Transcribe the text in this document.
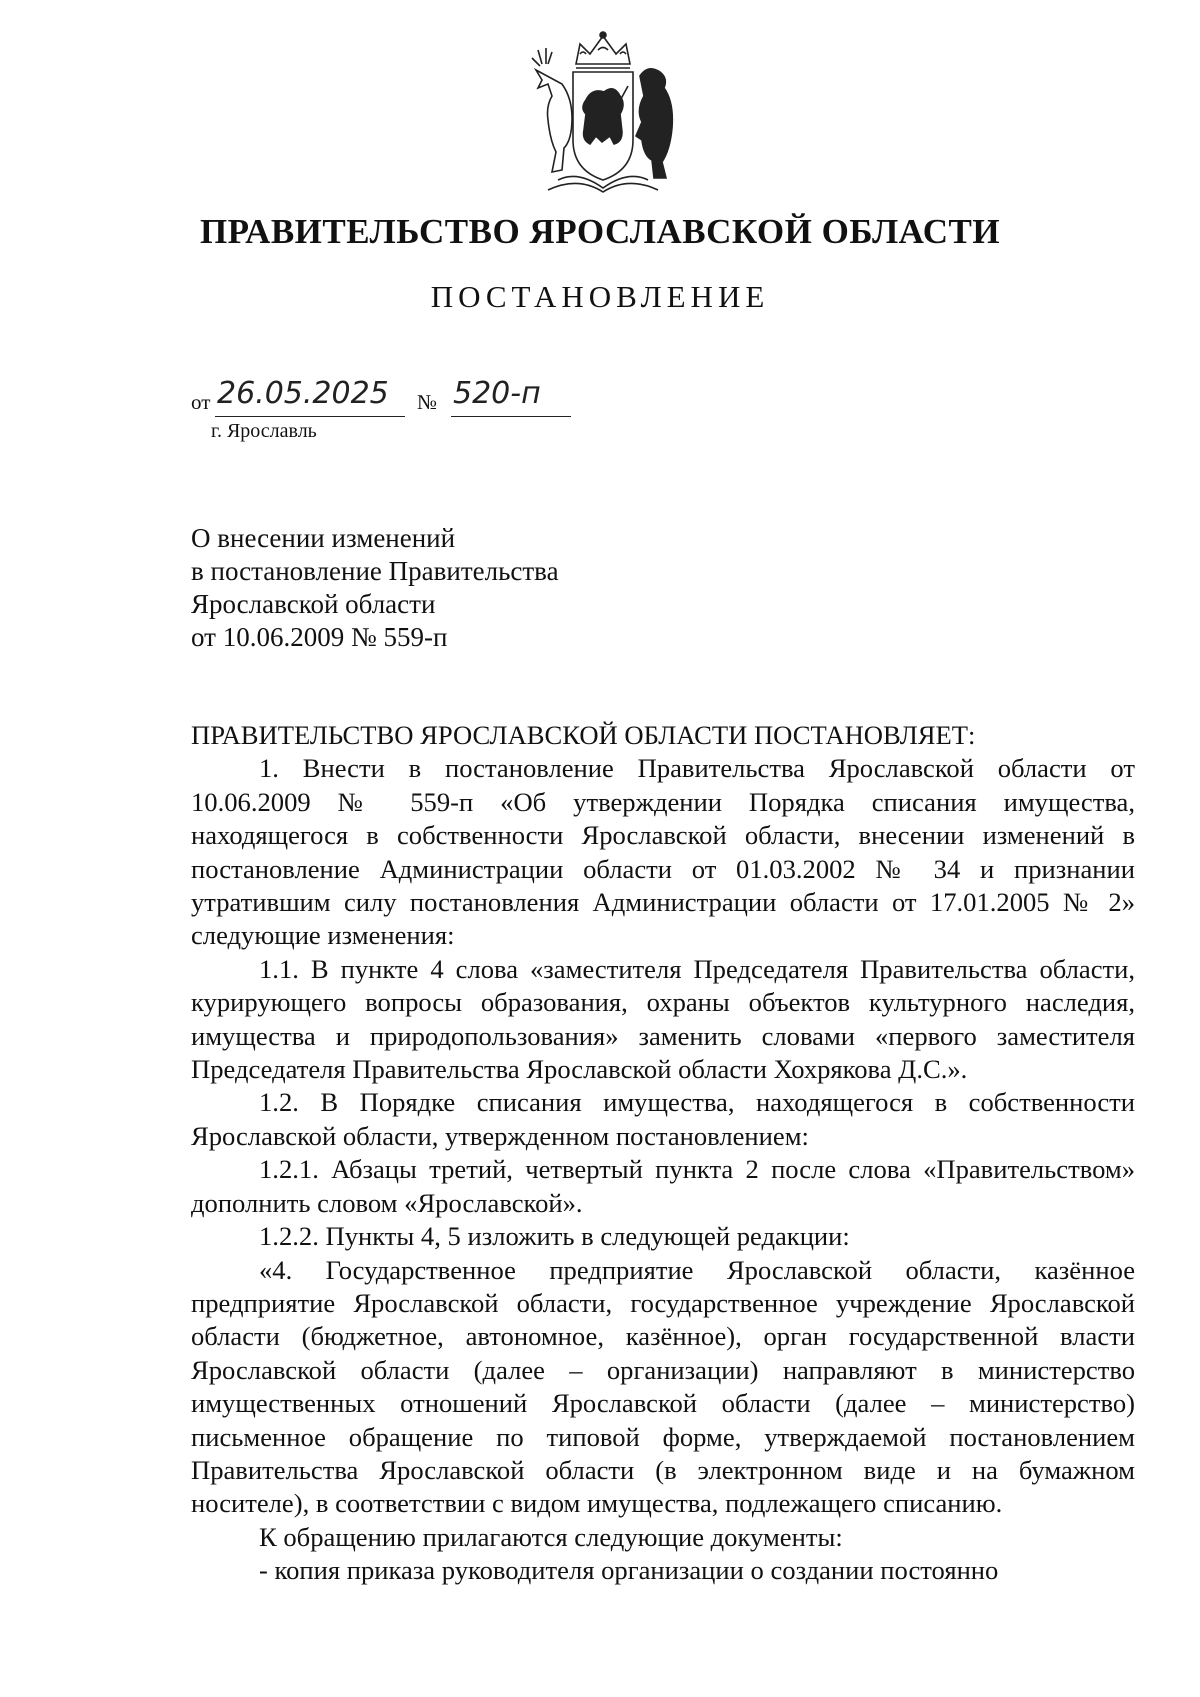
ПРАВИТЕЛЬСТВО ЯРОСЛАВСКОЙ ОБЛАСТИ
ПОСТАНОВЛЕНИЕ
от 26.05.2025 № 520-п
г. Ярославль
О внесении изменений
в постановление Правительства
Ярославской области
от 10.06.2009 № 559-п

ПРАВИТЕЛЬСТВО ЯРОСЛАВСКОЙ ОБЛАСТИ ПОСТАНОВЛЯЕТ:

1. Внести в постановление Правительства Ярославской области от 10.06.2009 № 559-п «Об утверждении Порядка списания имущества, находящегося в собственности Ярославской области, внесении изменений в постановление Администрации области от 01.03.2002 № 34 и признании утратившим силу постановления Администрации области от 17.01.2005 № 2» следующие изменения:

1.1. В пункте 4 слова «заместителя Председателя Правительства области, курирующего вопросы образования, охраны объектов культурного наследия, имущества и природопользования» заменить словами «первого заместителя Председателя Правительства Ярославской области Хохрякова Д.С.».

1.2. В Порядке списания имущества, находящегося в собственности Ярославской области, утвержденном постановлением:

1.2.1. Абзацы третий, четвертый пункта 2 после слова «Правительством» дополнить словом «Ярославской».

1.2.2. Пункты 4, 5 изложить в следующей редакции:

«4. Государственное предприятие Ярославской области, казённое предприятие Ярославской области, государственное учреждение Ярославской области (бюджетное, автономное, казённое), орган государственной власти Ярославской области (далее – организации) направляют в министерство имущественных отношений Ярославской области (далее – министерство) письменное обращение по типовой форме, утверждаемой постановлением Правительства Ярославской области (в электронном виде и на бумажном носителе), в соответствии с видом имущества, подлежащего списанию.

К обращению прилагаются следующие документы:

- копия приказа руководителя организации о создании постоянно
